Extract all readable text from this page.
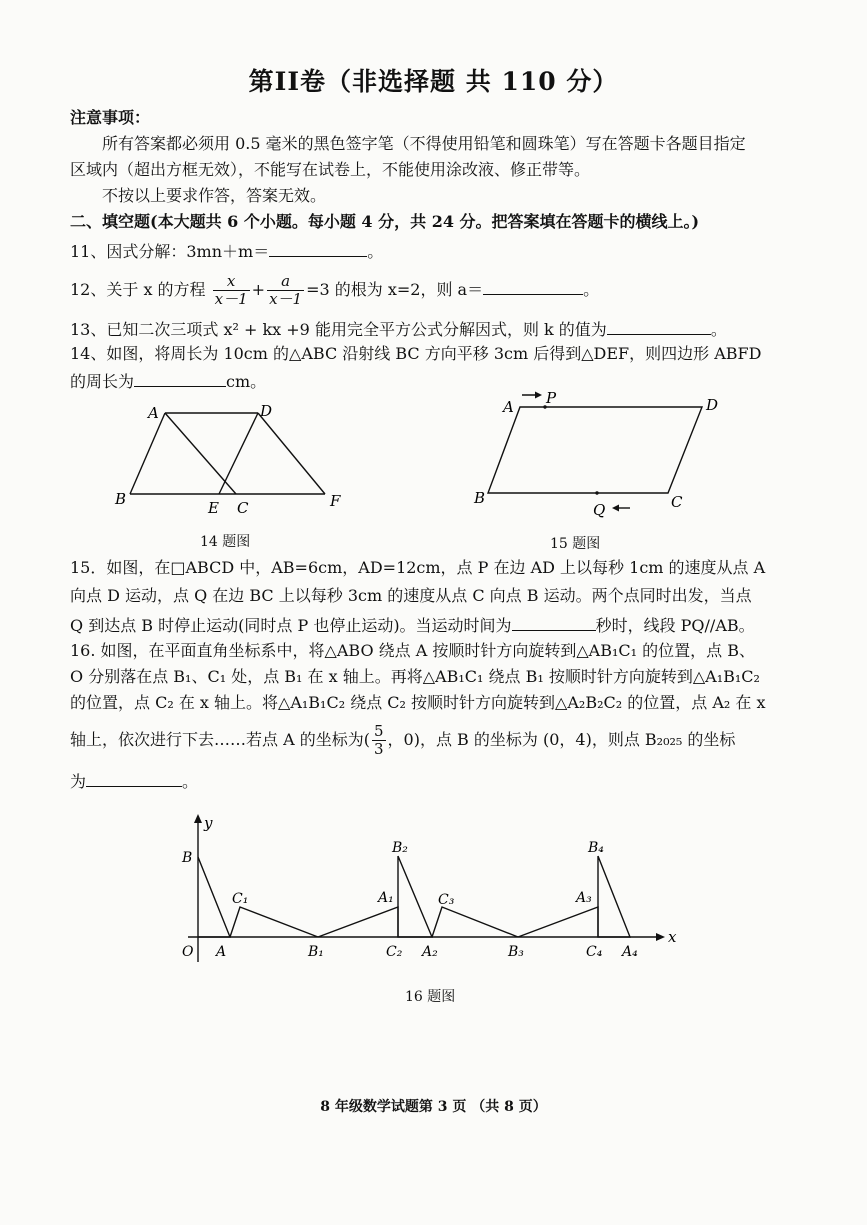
第II卷（非选择题 共 110 分）
注意事项：
所有答案都必须用 0.5 毫米的黑色签字笔（不得使用铅笔和圆珠笔）写在答题卡各题目指定
区域内（超出方框无效），不能写在试卷上，不能使用涂改液、修正带等。
不按以上要求作答，答案无效。
二、填空题(本大题共 6 个小题。每小题 4 分，共 24 分。把答案填在答题卡的横线上。)
11、因式分解：3mn＋m＝	。
12、关于 x 的方程 $\frac{x}{x-1} + \frac{a}{x-1} =3$ 的根为 x=2，则 a＝	。
13、已知二次三项式 x² + kx +9 能用完全平方公式分解因式，则 k 的值为	。
14、如图，将周长为 10cm 的△ABC 沿射线 BC 方向平移 3cm 后得到△DEF，则四边形 ABFD
的周长为	cm。
A	D
B	E C	F
14 题图
A P	D
B
Q	C
15 题图
15．如图，在□ABCD 中，AB=6cm，AD=12cm，点 P 在边 AD 上以每秒 1cm 的速度从点 A
向点 D 运动，点 Q 在边 BC 上以每秒 3cm 的速度从点 C 向点 B 运动。两个点同时出发，当点
Q 到达点 B 时停止运动(同时点 P 也停止运动)。当运动时间为	秒时，线段 PQ//AB。
16. 如图，在平面直角坐标系中，将△ABO 绕点 A 按顺时针方向旋转到△AB₁C₁ 的位置，点 B、
O 分别落在点 B₁、C₁ 处，点 B₁ 在 x 轴上。再将△AB₁C₁ 绕点 B₁ 按顺时针方向旋转到△A₁B₁C₂
的位置，点 C₂ 在 x 轴上。将△A₁B₁C₂ 绕点 C₂ 按顺时针方向旋转到△A₂B₂C₂ 的位置，点 A₂ 在 x
轴上，依次进行下去……若点 A 的坐标为( $\frac{5}{3}$ ，0)，点 B 的坐标为 (0，4)，则点 B₂₀₂₅ 的坐标
为	。
x
y
O A
B
C₁
B₁
A₁
B₂
C₂ A₂
C₃
B₃
A₃
B₄
C₄ A₄
16 题图
8 年级数学试题第 3 页 （共 8 页）
